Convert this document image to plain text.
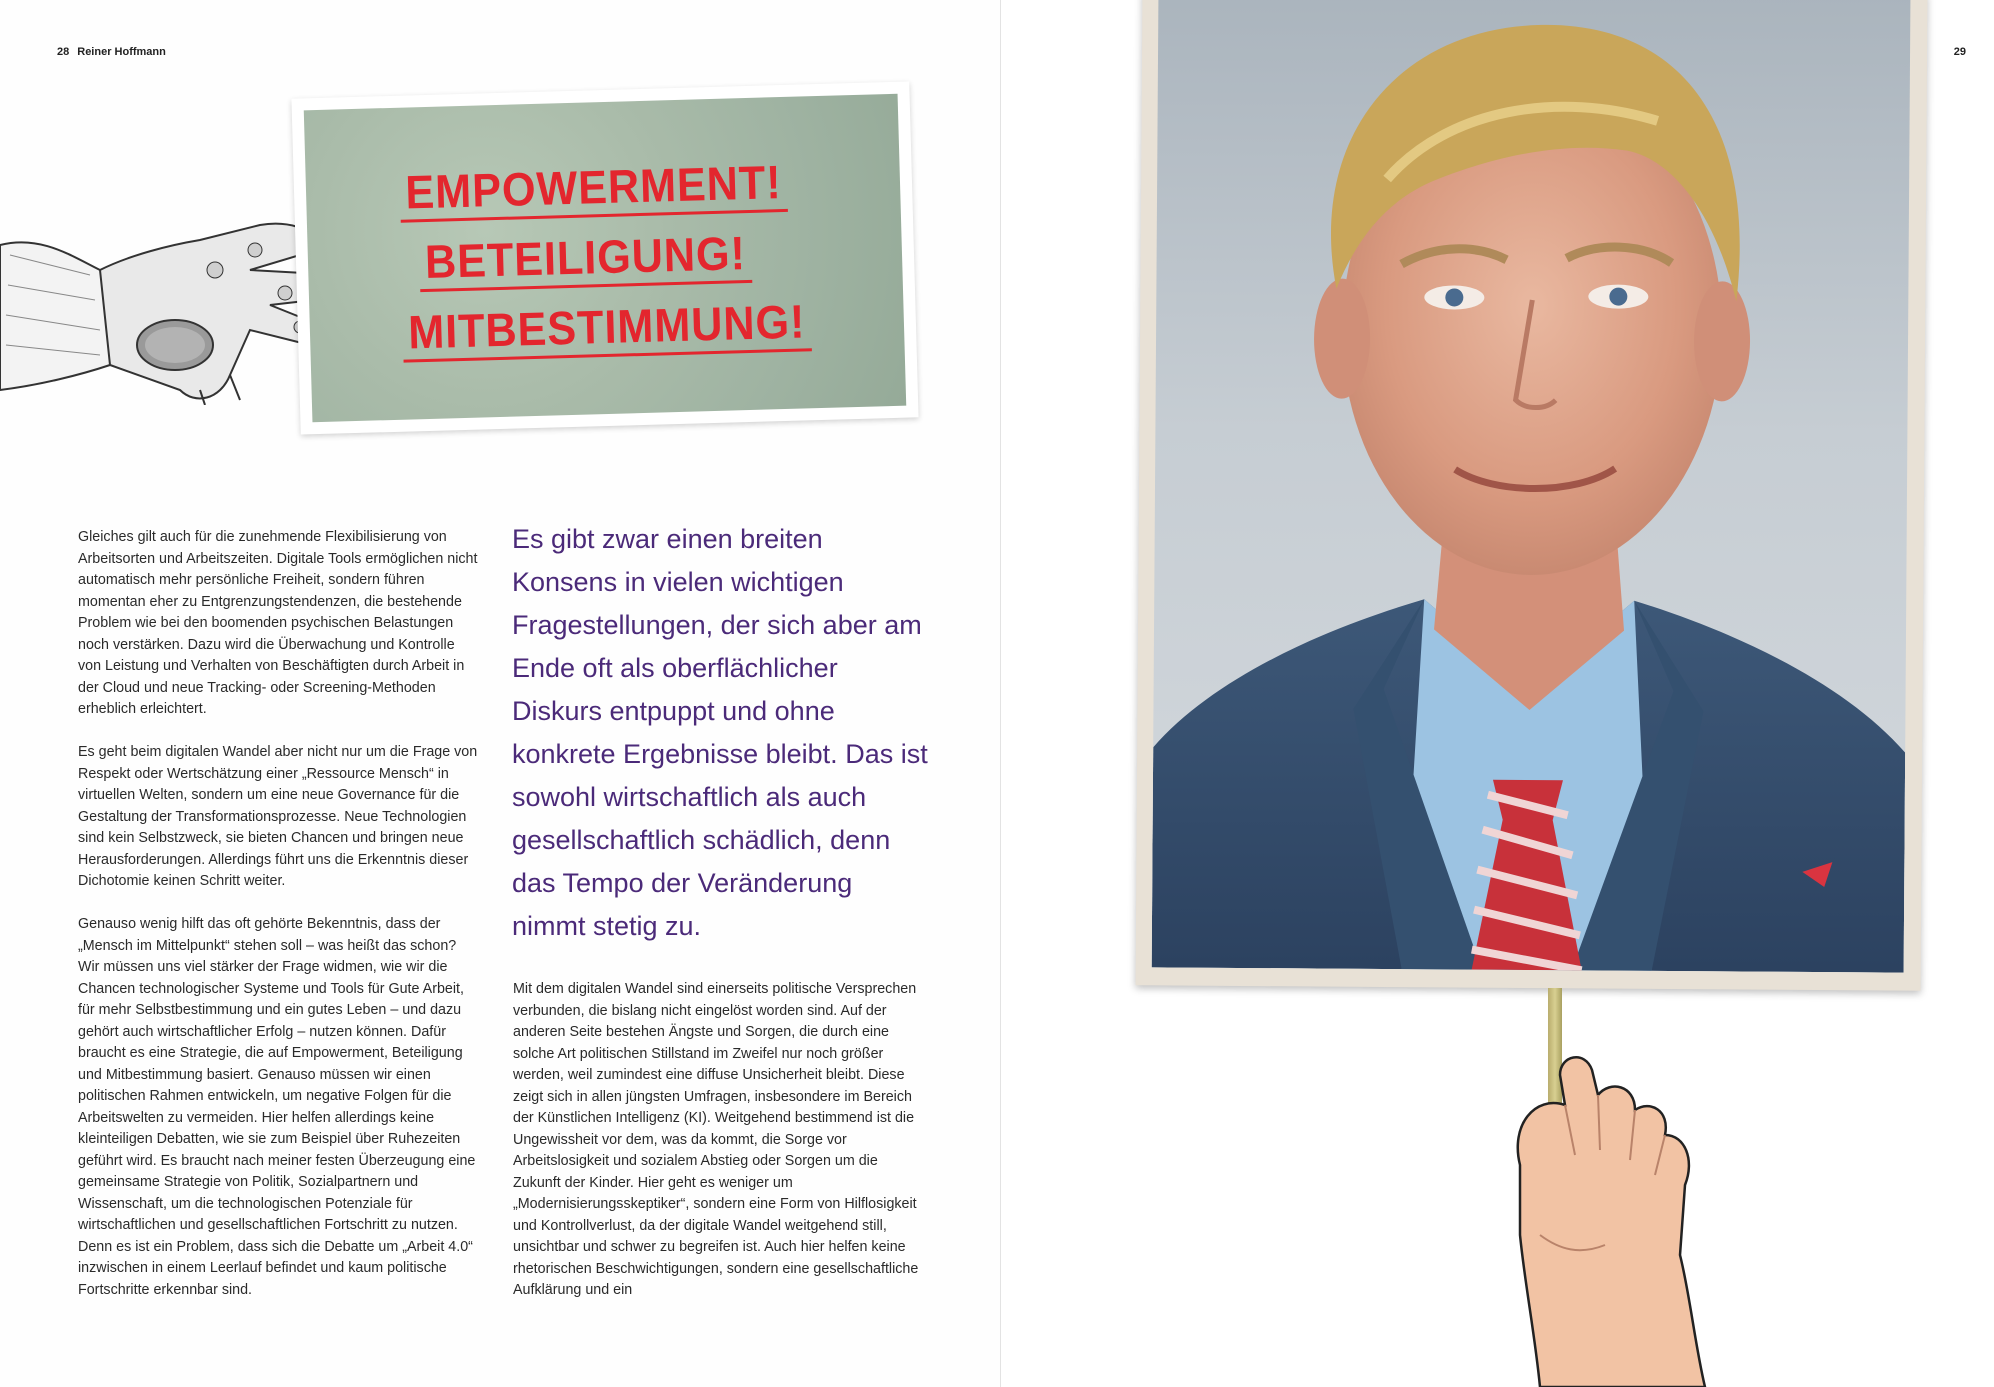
28 Reiner Hoffmann	29
EMPOWERMENT!
BETEILIGUNG!
MITBESTIMMUNG!

Gleiches gilt auch für die zunehmende Flexibilisierung von Arbeitsorten und Arbeitszeiten. Digitale Tools ermöglichen nicht automatisch mehr persönliche Freiheit, sondern führen momentan eher zu Entgrenzungstendenzen, die bestehende Problem wie bei den boomenden psychischen Belastungen noch verstärken. Dazu wird die Überwachung und Kontrolle von Leistung und Verhalten von Beschäftigten durch Arbeit in der Cloud und neue Tracking- oder Screening-Methoden erheblich erleichtert.

Es geht beim digitalen Wandel aber nicht nur um die Frage von Respekt oder Wertschätzung einer „Ressource Mensch“ in virtuellen Welten, sondern um eine neue Governance für die Gestaltung der Transformationsprozesse. Neue Technologien sind kein Selbstzweck, sie bieten Chancen und bringen neue Herausforderungen. Allerdings führt uns die Erkenntnis dieser Dichotomie keinen Schritt weiter.

Genauso wenig hilft das oft gehörte Bekenntnis, dass der „Mensch im Mittelpunkt“ stehen soll – was heißt das schon? Wir müssen uns viel stärker der Frage widmen, wie wir die Chancen technologischer Systeme und Tools für Gute Arbeit, für mehr Selbstbestimmung und ein gutes Leben – und dazu gehört auch wirtschaftlicher Erfolg – nutzen können. Dafür braucht es eine Strategie, die auf Empowerment, Beteiligung und Mitbestimmung basiert. Genauso müssen wir einen politischen Rahmen entwickeln, um negative Folgen für die Arbeitswelten zu vermeiden. Hier helfen allerdings keine kleinteiligen Debatten, wie sie zum Beispiel über Ruhezeiten geführt wird. Es braucht nach meiner festen Überzeugung eine gemeinsame Strategie von Politik, Sozialpartnern und Wissenschaft, um die technologischen Potenziale für wirtschaftlichen und gesellschaftlichen Fortschritt zu nutzen. Denn es ist ein Problem, dass sich die Debatte um „Arbeit 4.0“ inzwischen in einem Leerlauf befindet und kaum politische Fortschritte erkennbar sind.

Es gibt zwar einen breiten Konsens in vielen wichtigen Fragestellungen, der sich aber am Ende oft als oberflächlicher Diskurs entpuppt und ohne konkrete Ergebnisse bleibt. Das ist sowohl wirtschaftlich als auch gesellschaftlich schädlich, denn das Tempo der Veränderung nimmt stetig zu.

Mit dem digitalen Wandel sind einerseits politische Versprechen verbunden, die bislang nicht eingelöst worden sind. Auf der anderen Seite bestehen Ängste und Sorgen, die durch eine solche Art politischen Stillstand im Zweifel nur noch größer werden, weil zumindest eine diffuse Unsicherheit bleibt. Diese zeigt sich in allen jüngsten Umfragen, insbesondere im Bereich der Künstlichen Intelligenz (KI). Weitgehend bestimmend ist die Ungewissheit vor dem, was da kommt, die Sorge vor Arbeitslosigkeit und sozialem Abstieg oder Sorgen um die Zukunft der Kinder. Hier geht es weniger um „Modernisierungsskeptiker“, sondern eine Form von Hilflosigkeit und Kontrollverlust, da der digitale Wandel weitgehend still, unsichtbar und schwer zu begreifen ist. Auch hier helfen keine rhetorischen Beschwichtigungen, sondern eine gesellschaftliche Aufklärung und ein
